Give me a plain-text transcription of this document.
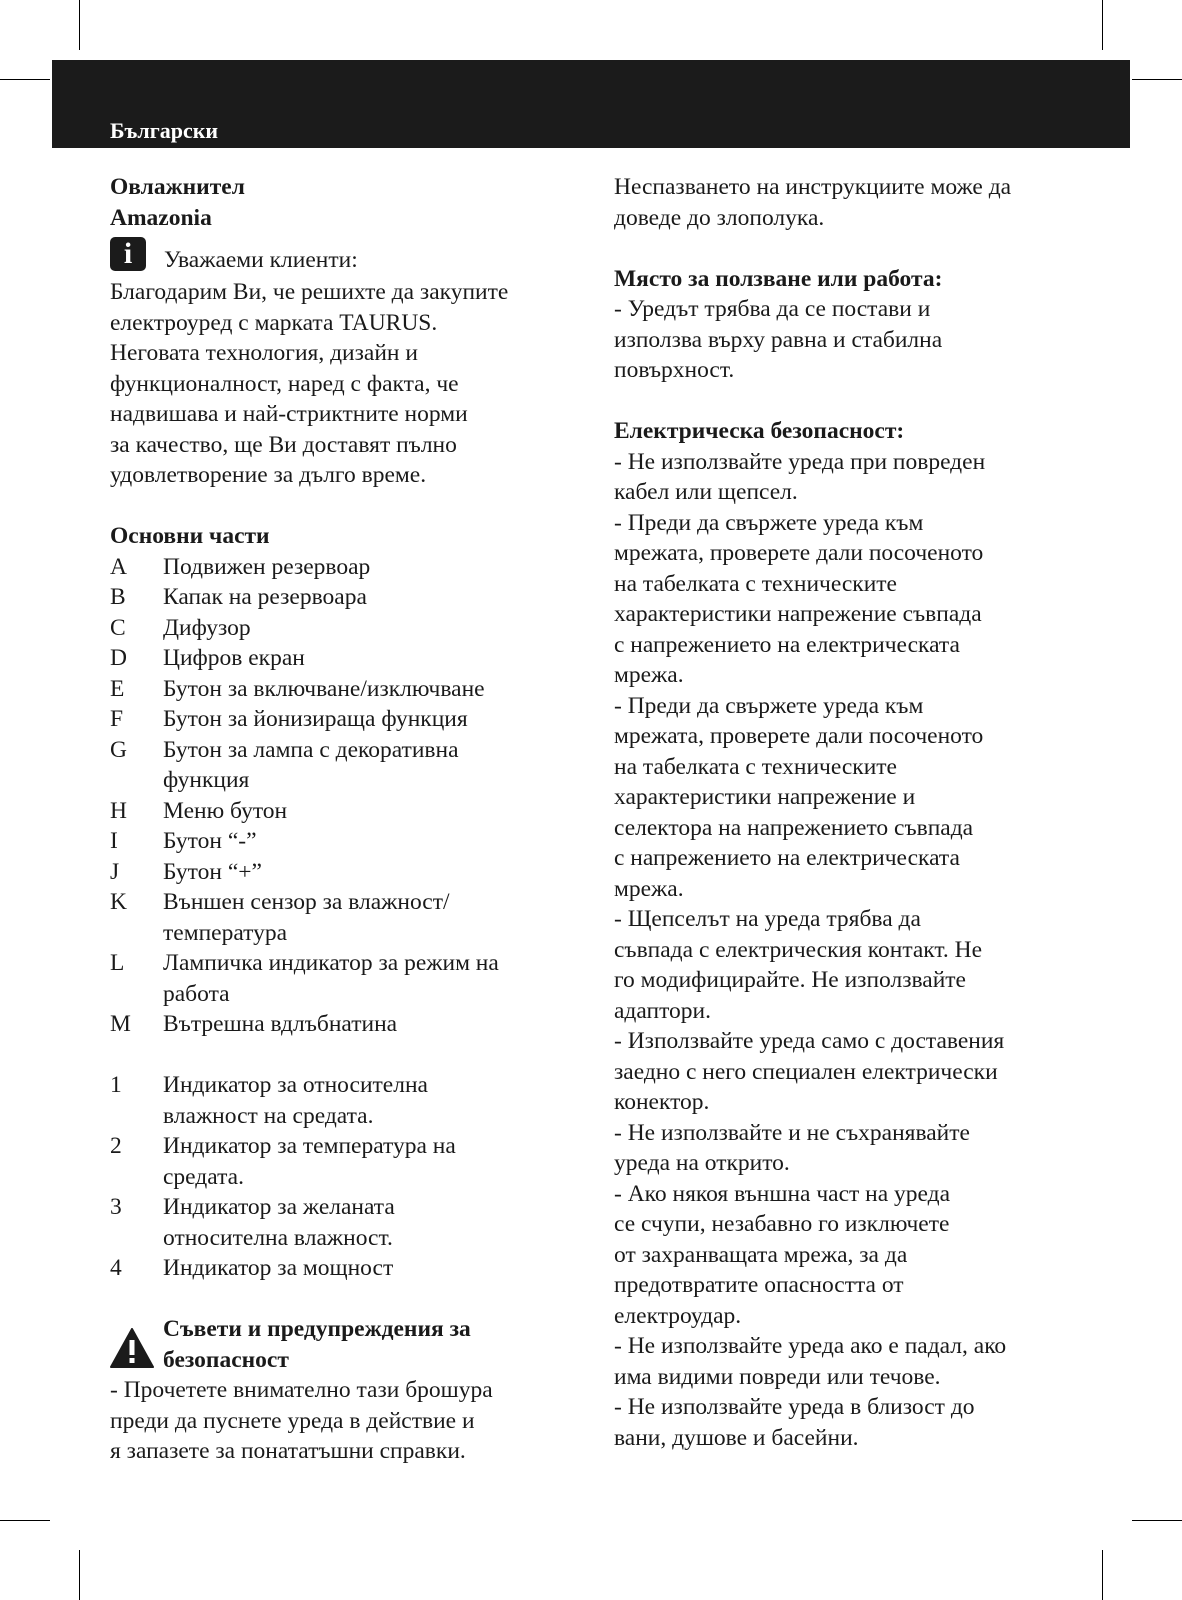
Български
Овлажнител
Amazonia
i	Уважаеми клиенти:
Благодарим Ви, че решихте да закупите
електроуред с марката TAURUS.
Неговата технология, дизайн и
функционалност, наред с факта, че
надвишава и най-стриктните норми
за качество, ще Ви доставят пълно
удовлетворение за дълго време.
Основни части
A	Подвижен резервоар
B	Капак на резервоара
C	Дифузор
D	Цифров екран
E	Бутон за включване/изключване
F	Бутон за йонизираща функция
G	Бутон за лампа с декоративна
функция
H	Меню бутон
I	Бутон “-”
J	Бутон “+”
K	Външен сензор за влажност/
температура
L	Лампичка индикатор за режим на
работа
M	Вътрешна вдлъбнатина
1	Индикатор за относителна
влажност на средата.
2	Индикатор за температура на
средата.
3	Индикатор за желаната
относителна влажност.
4	Индикатор за мощност
Съвети и предупреждения за
безопасност
- Прочетете внимателно тази брошура
преди да пуснете уреда в действие и
я запазете за понататъшни справки.
Неспазването на инструкциите може да
доведе до злополука.
Място за ползване или работа:
- Уредът трябва да се постави и
използва върху равна и стабилна
повърхност.
Електрическа безопасност:
- Не използвайте уреда при повреден
кабел или щепсел.
- Преди да свържете уреда към
мрежата, проверете дали посоченото
на табелката с техническите
характеристики напрежение съвпада
с напрежението на електрическата
мрежа.
- Преди да свържете уреда към
мрежата, проверете дали посоченото
на табелката с техническите
характеристики напрежение и
селектора на напрежението съвпада
с напрежението на електрическата
мрежа.
- Щепселът на уреда трябва да
съвпада с електрическия контакт. Не
го модифицирайте. Не използвайте
адаптори.
- Използвайте уреда само с доставения
заедно с него специален електрически
конектор.
- Не използвайте и не съхранявайте
уреда на открито.
- Ако някоя външна част на уреда
се счупи, незабавно го изключете
от захранващата мрежа, за да
предотвратите опасността от
електроудар.
- Не използвайте уреда ако е падал, ако
има видими повреди или течове.
- Не използвайте уреда в близост до
вани, душове и басейни.
